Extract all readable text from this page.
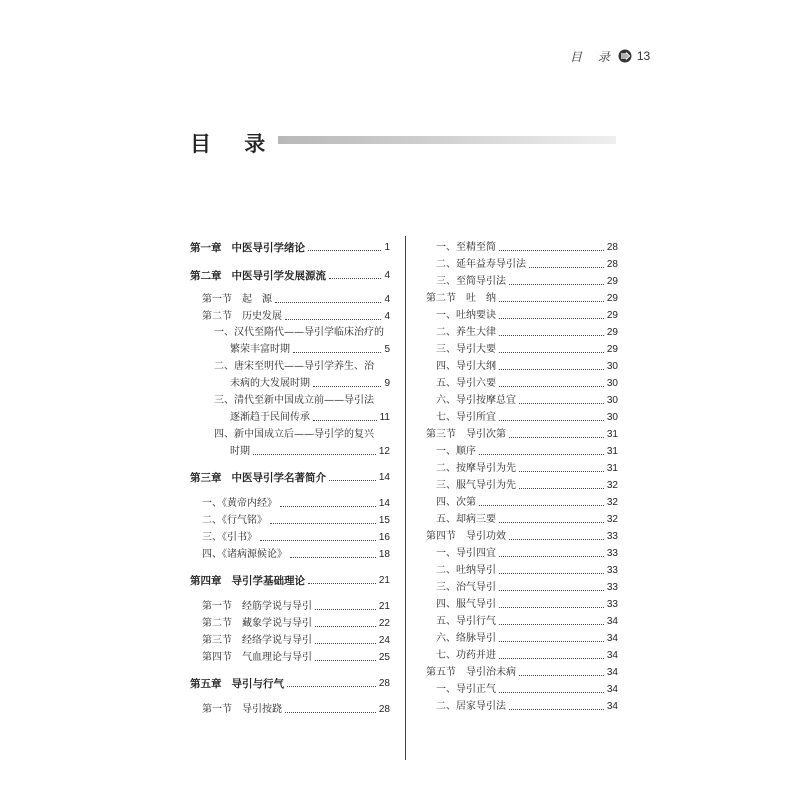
目 录 13
目 录
第一章 中医导引学绪论	1
第二章 中医导引学发展源流	4
第一节　起　源	4
第二节　历史发展	4
一、汉代至隋代——导引学临床治疗的
繁荣丰富时期	5
二、唐宋至明代——导引学养生、治
未病的大发展时期	9
三、清代至新中国成立前——导引法
逐渐趋于民间传承	11
四、新中国成立后——导引学的复兴
时期	12
第三章 中医导引学名著简介	14
一、《黄帝内经》	14
二、《行气铭》	15
三、《引书》	16
四、《诸病源候论》	18
第四章 导引学基础理论	21
第一节　经筋学说与导引	21
第二节　藏象学说与导引	22
第三节　经络学说与导引	24
第四节　气血理论与导引	25
第五章 导引与行气	28
第一节　导引按跷	28
一、至精至简	28
二、延年益寿导引法	28
三、至简导引法	29
第二节　吐　纳	29
一、吐纳要诀	29
二、养生大律	29
三、导引大要	29
四、导引大纲	30
五、导引六要	30
六、导引按摩总宜	30
七、导引所宜	30
第三节　导引次第	31
一、顺序	31
二、按摩导引为先	31
三、服气导引为先	32
四、次第	32
五、却病三要	32
第四节　导引功效	33
一、导引四宜	33
二、吐纳导引	33
三、治气导引	33
四、服气导引	33
五、导引行气	34
六、络脉导引	34
七、功药并进	34
第五节　导引治未病	34
一、导引正气	34
二、居家导引法	34
